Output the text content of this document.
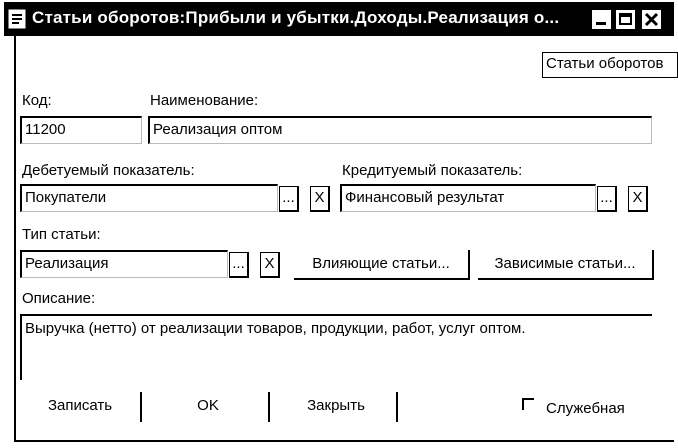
Статьи оборотов:Прибыли и убытки.Доходы.Реализация о...
Статьи оборотов
Код:
11200
Наименование:
Реализация оптом
Дебетуемый показатель:
Покупатели	... X
Кредитуемый показатель:
Финансовый результат	... X
Тип статьи:
Реализация	... X	Влияющие статьи...	Зависимые статьи...
Описание:
Выручка (нетто) от реализации товаров, продукции, работ, услуг оптом.
Записать	OK	Закрыть	Служебная
